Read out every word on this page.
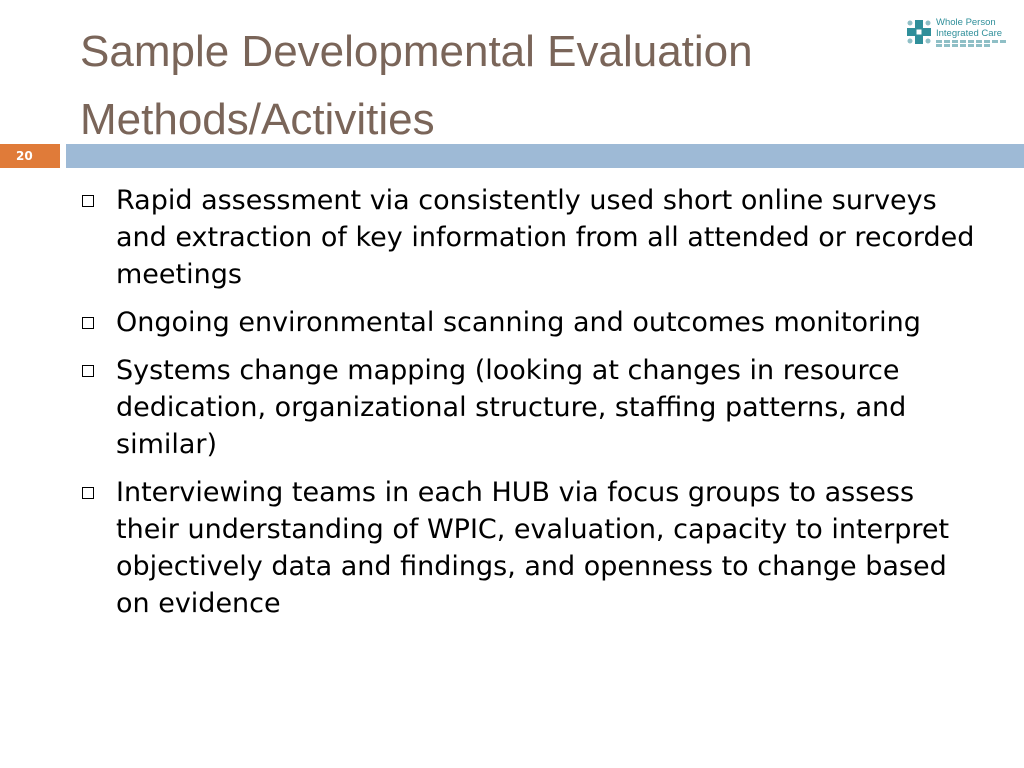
Sample Developmental Evaluation
Methods/Activities
Whole Person
Integrated Care
20
Rapid assessment via consistently used short online surveys and extraction of key information from all attended or recorded meetings
Ongoing environmental scanning and outcomes monitoring
Systems change mapping (looking at changes in resource dedication, organizational structure, staffing patterns, and similar)
Interviewing teams in each HUB via focus groups to assess their understanding of WPIC, evaluation, capacity to interpret objectively data and findings, and openness to change based on evidence
